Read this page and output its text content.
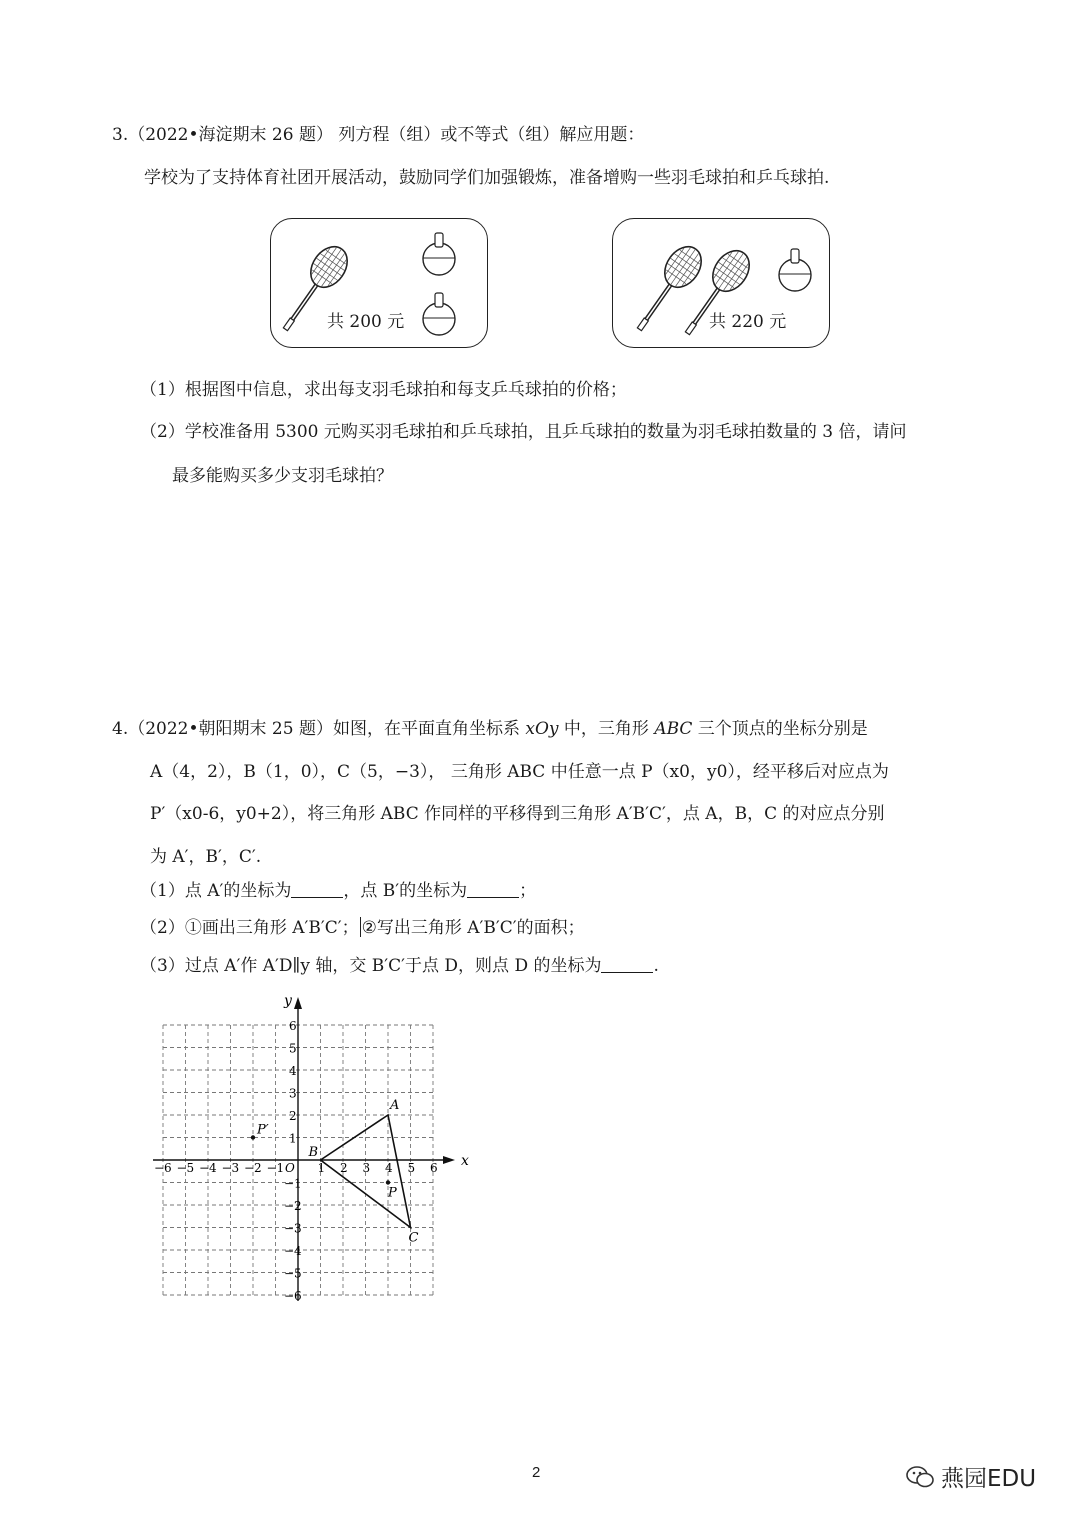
3.（2022•海淀期末 26 题） 列方程（组）或不等式（组）解应用题：
学校为了支持体育社团开展活动，鼓励同学们加强锻炼，准备增购一些羽毛球拍和乒乓球拍.
共 200 元	共 220 元
（1）根据图中信息，求出每支羽毛球拍和每支乒乓球拍的价格；
（2）学校准备用 5300 元购买羽毛球拍和乒乓球拍，且乒乓球拍的数量为羽毛球拍数量的 3 倍，请问
最多能购买多少支羽毛球拍？
4.（2022•朝阳期末 25 题）如图，在平面直角坐标系 xOy 中，三角形 ABC 三个顶点的坐标分别是
A（4，2），B（1，0），C（5，−3）， 三角形 ABC 中任意一点 P（x0，y0），经平移后对应点为
P′（x0-6，y0+2），将三角形 ABC 作同样的平移得到三角形 A′B′C′，点 A，B，C 的对应点分别
为 A′，B′，C′.
（1）点 A′的坐标为	，点 B′的坐标为	；
（2）①画出三角形 A′B′C′； ②写出三角形 A′B′C′的面积；
（3）过点 A′作 A′D∥y 轴，交 B′C′于点 D，则点 D 的坐标为	.
x
y
O
−6 −5 −4 −3 −2 −1	1 2 3 4 5 6
6
5
4
3
2
1
−1
−2
−3
−4
−5
−6
A
B
C
P
P′
2	燕园EDU
